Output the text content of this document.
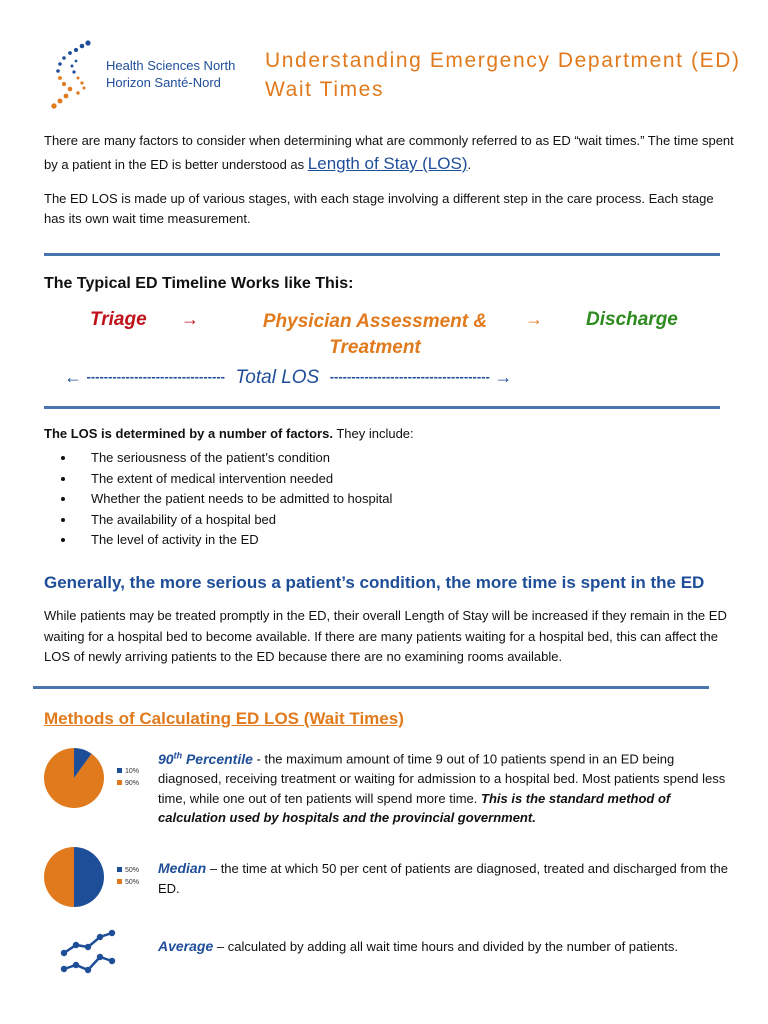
Health Sciences North
Horizon Santé-Nord
Understanding Emergency Department (ED)
Wait Times
There are many factors to consider when determining what are commonly referred to as ED “wait times.” The time spent by a patient in the ED is better understood as Length of Stay (LOS).
The ED LOS is made up of various stages, with each stage involving a different step in the care process. Each stage has its own wait time measurement.
The Typical ED Timeline Works like This:
Triage →	Physician Assessment &
Treatment
→ Discharge
← -------------------------------- Total LOS ------------------------------------- →
The LOS is determined by a number of factors. They include:
• The seriousness of the patient’s condition
• The extent of medical intervention needed
• Whether the patient needs to be admitted to hospital
• The availability of a hospital bed
• The level of activity in the ED
Generally, the more serious a patient’s condition, the more time is spent in the ED
While patients may be treated promptly in the ED, their overall Length of Stay will be increased if they remain in the ED waiting for a hospital bed to become available. If there are many patients waiting for a hospital bed, this can affect the LOS of newly arriving patients to the ED because there are no examining rooms available.
Methods of Calculating ED LOS (Wait Times)
10%
90%
90th Percentile - the maximum amount of time 9 out of 10 patients spend in an ED being diagnosed, receiving treatment or waiting for admission to a hospital bed. Most patients spend less time, while one out of ten patients will spend more time. This is the standard method of calculation used by hospitals and the provincial government.
50%
50%
Median – the time at which 50 per cent of patients are diagnosed, treated and discharged from the ED.
Average – calculated by adding all wait time hours and divided by the number of patients.
